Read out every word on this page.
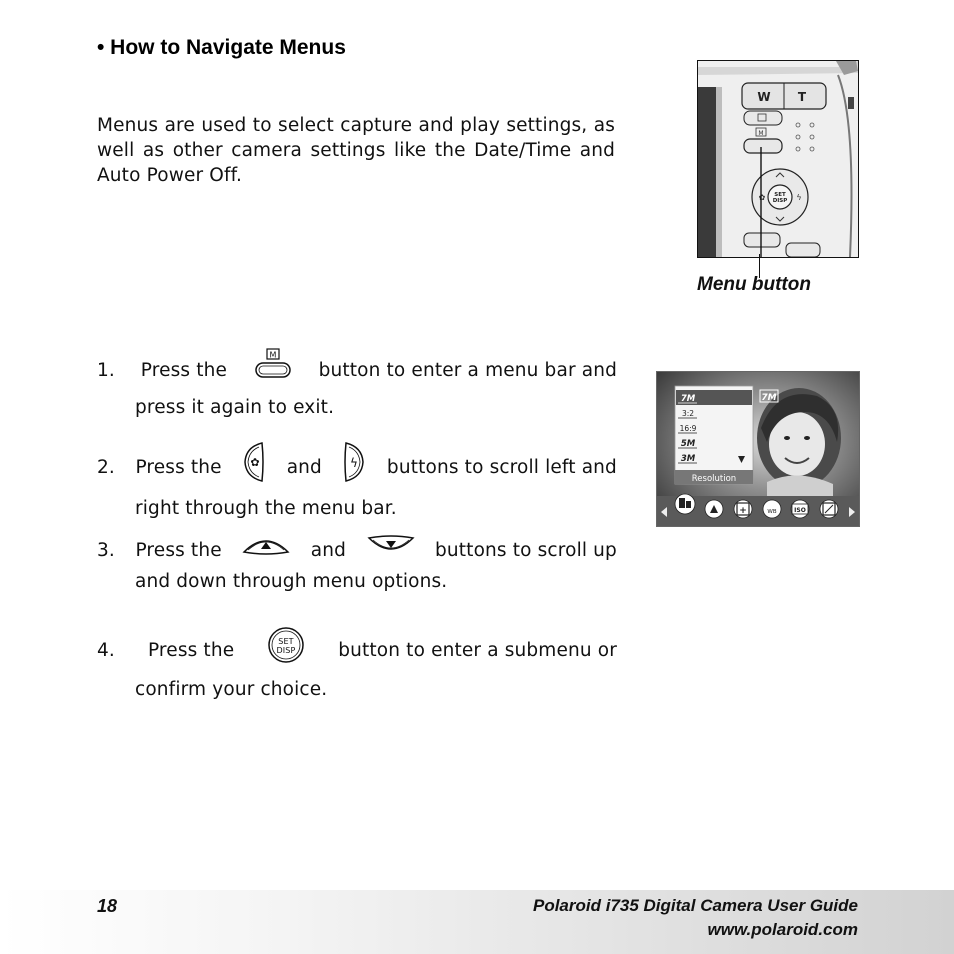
• How to Navigate Menus
Menus are used to select capture and play settings, as well as other camera settings like the Date/Time and Auto Power Off.
W T
M
SET
DISP
✿	ϟ
Menu button
1. Press the
M
button to enter a menu bar and
press it again to exit.
2. Press the	✿ and ϟ buttons to scroll left and
right through the menu bar.
3. Press the	and	buttons to scroll up
and down through menu options.
4. Press the	SET
DISP button to enter a submenu or
confirm your choice.
7M
7M
3:2
16:9
5M
3M
Resolution
+	WB	ISO
18	Polaroid i735 Digital Camera User Guide
www.polaroid.com
